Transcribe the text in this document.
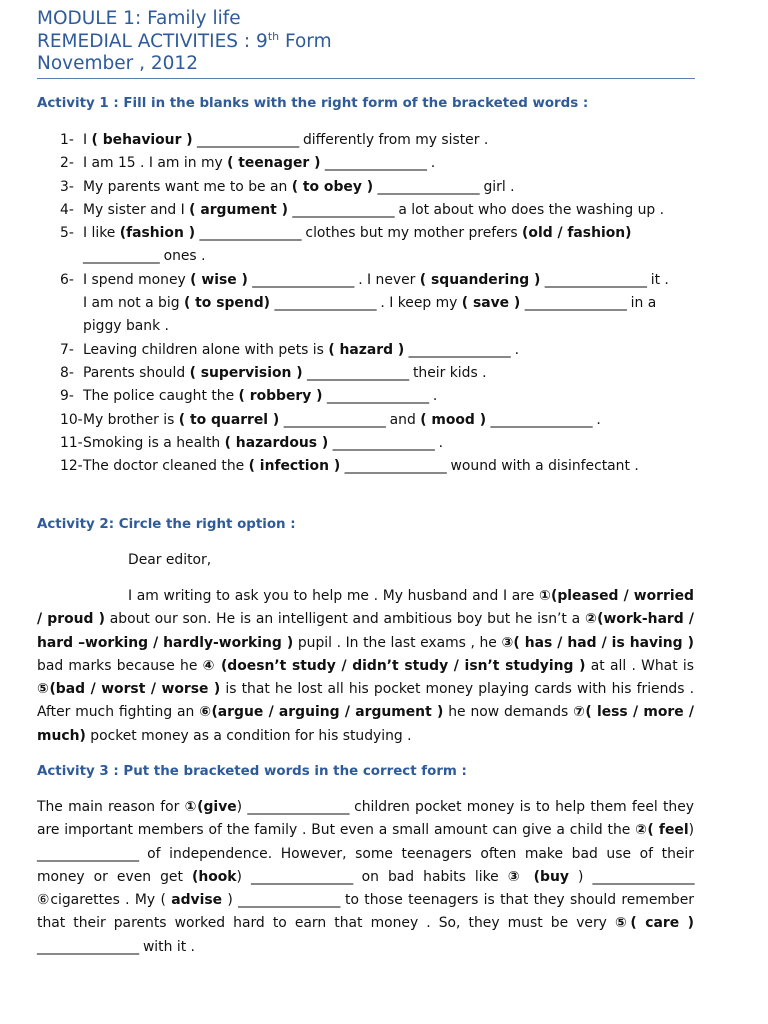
MODULE 1: Family life
REMEDIAL ACTIVITIES : 9th Form
November , 2012
Activity 1 : Fill in the blanks with the right form of the bracketed words :
1- I ( behaviour ) ________________ differently from my sister .
2- I am 15 . I am in my ( teenager ) ________________ .
3- My parents want me to be an ( to obey ) ________________ girl .
4- My sister and I ( argument ) ________________ a lot about who does the washing up .
5- I like (fashion ) ________________ clothes but my mother prefers (old / fashion)
____________ ones .
6- I spend money ( wise ) ________________ . I never ( squandering ) ________________ it .
I am not a big ( to spend) ________________ . I keep my ( save ) ________________ in a piggy bank .
7- Leaving children alone with pets is ( hazard ) ________________ .
8- Parents should ( supervision ) ________________ their kids .
9- The police caught the ( robbery ) ________________ .
10- My brother is ( to quarrel ) ________________ and ( mood ) ________________ .
11- Smoking is a health ( hazardous ) ________________ .
12- The doctor cleaned the ( infection ) ________________ wound with a disinfectant .
Activity 2: Circle the right option :
Dear editor,
I am writing to ask you to help me . My husband and I are ①(pleased / worried / proud ) about our son. He is an intelligent and ambitious boy but he isn’t a ②(work-hard / hard –working / hardly-working ) pupil . In the last exams , he ③( has / had / is having ) bad marks because he ④ (doesn’t study / didn’t study / isn’t studying ) at all . What is ⑤(bad / worst / worse ) is that he lost all his pocket money playing cards with his friends . After much fighting an ⑥(argue / arguing / argument ) he now demands ⑦( less / more / much) pocket money as a condition for his studying .
Activity 3 : Put the bracketed words in the correct form :
The main reason for ①(give) ________________ children pocket money is to help them feel they are important members of the family . But even a small amount can give a child the ②( feel) ________________ of independence. However, some teenagers often make bad use of their money or even get (hook) ________________ on bad habits like ③ (buy ) ________________ ⑥cigarettes . My ( advise ) ________________ to those teenagers is that they should remember that their parents worked hard to earn that money . So, they must be very ⑤( care ) ________________ with it .
